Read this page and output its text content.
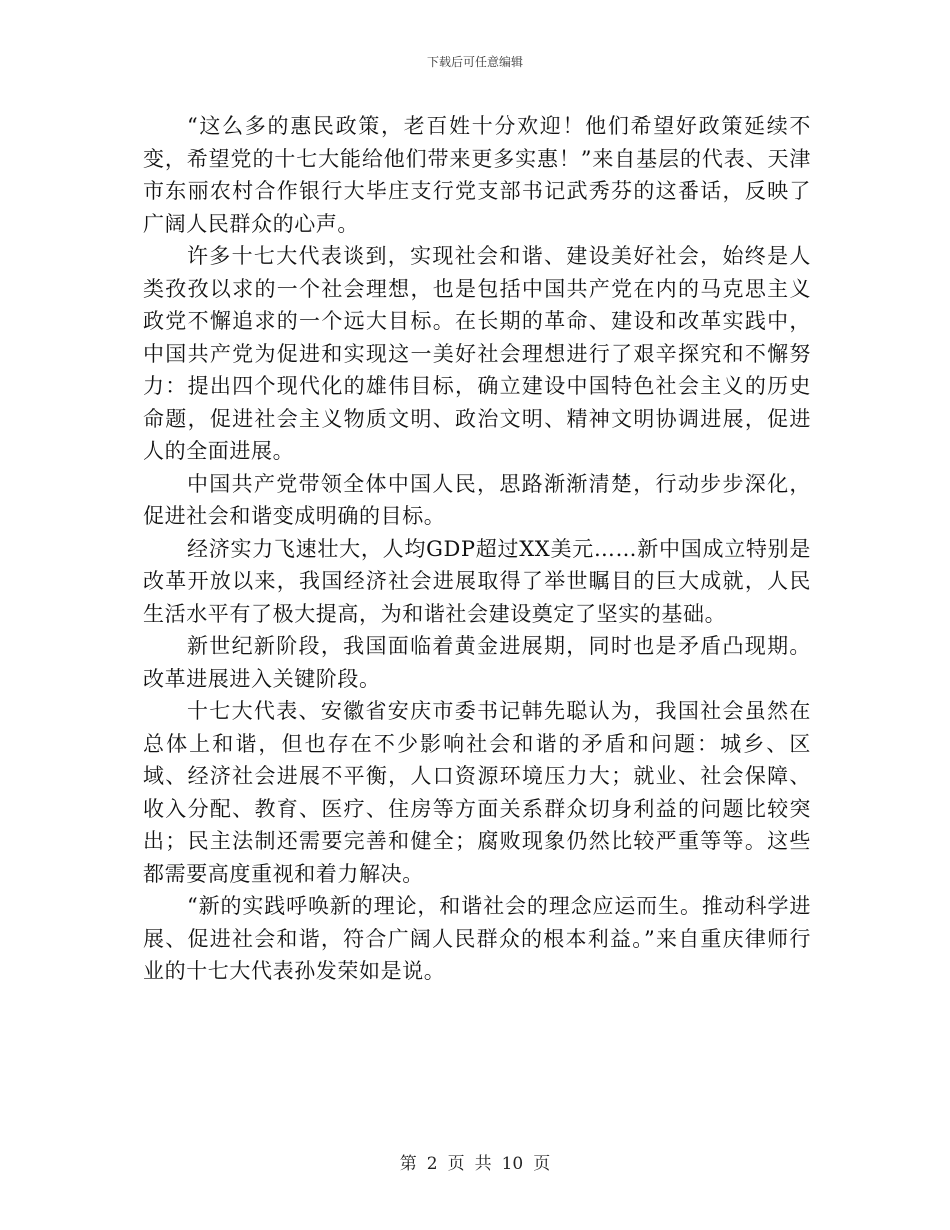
下载后可任意编辑

“这么多的惠民政策，老百姓十分欢迎！他们希望好政策延续不变，希望党的十七大能给他们带来更多实惠！”来自基层的代表、天津市东丽农村合作银行大毕庄支行党支部书记武秀芬的这番话，反映了广阔人民群众的心声。

许多十七大代表谈到，实现社会和谐、建设美好社会，始终是人类孜孜以求的一个社会理想，也是包括中国共产党在内的马克思主义政党不懈追求的一个远大目标。在长期的革命、建设和改革实践中，中国共产党为促进和实现这一美好社会理想进行了艰辛探究和不懈努力：提出四个现代化的雄伟目标，确立建设中国特色社会主义的历史命题，促进社会主义物质文明、政治文明、精神文明协调进展，促进人的全面进展。

中国共产党带领全体中国人民，思路渐渐清楚，行动步步深化，促进社会和谐变成明确的目标。

经济实力飞速壮大，人均GDP超过XX美元……新中国成立特别是改革开放以来，我国经济社会进展取得了举世瞩目的巨大成就，人民生活水平有了极大提高，为和谐社会建设奠定了坚实的基础。

新世纪新阶段，我国面临着黄金进展期，同时也是矛盾凸现期。改革进展进入关键阶段。

十七大代表、安徽省安庆市委书记韩先聪认为，我国社会虽然在总体上和谐，但也存在不少影响社会和谐的矛盾和问题：城乡、区域、经济社会进展不平衡，人口资源环境压力大；就业、社会保障、收入分配、教育、医疗、住房等方面关系群众切身利益的问题比较突出；民主法制还需要完善和健全；腐败现象仍然比较严重等等。这些都需要高度重视和着力解决。

“新的实践呼唤新的理论，和谐社会的理念应运而生。推动科学进展、促进社会和谐，符合广阔人民群众的根本利益。”来自重庆律师行业的十七大代表孙发荣如是说。

第 2 页 共 10 页
